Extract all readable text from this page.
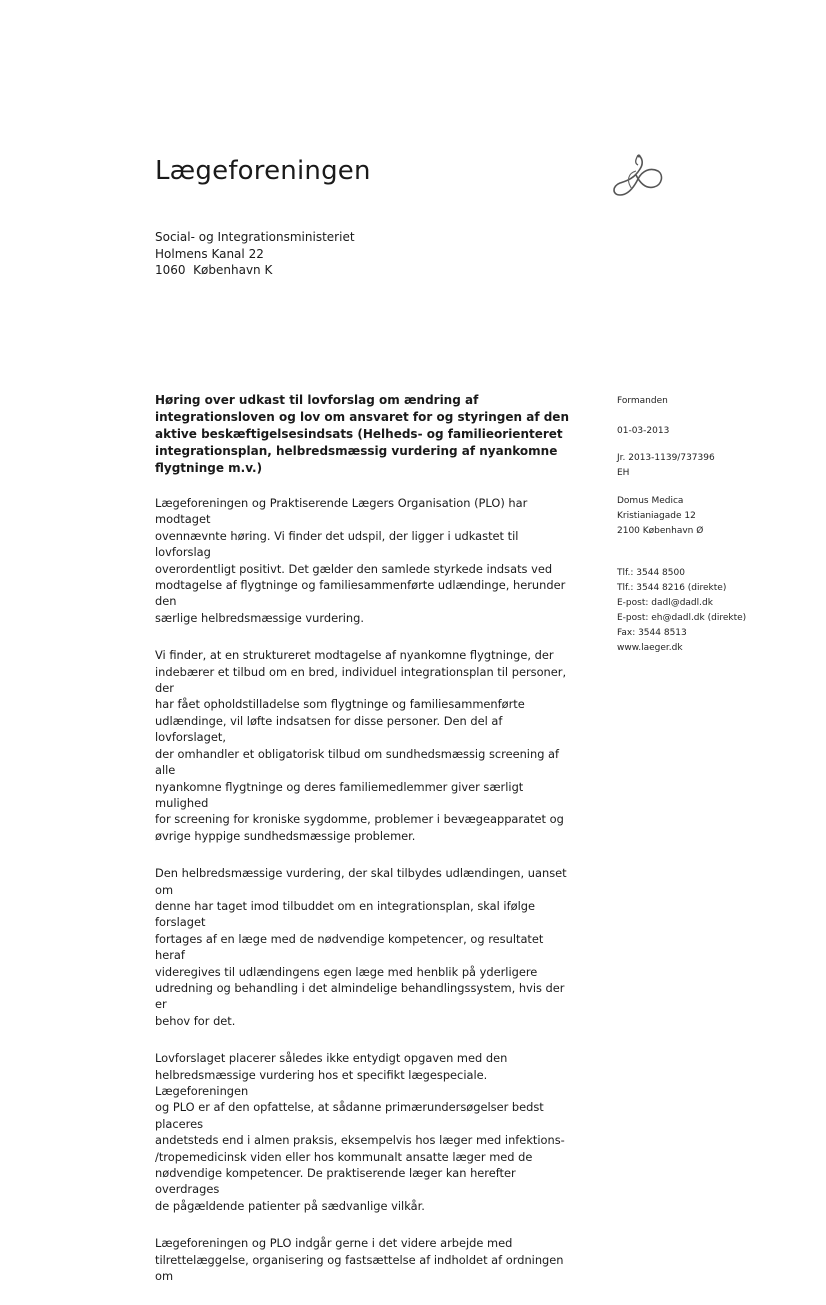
Lægeforeningen
Social- og Integrationsministeriet
Holmens Kanal 22
1060  København K
Høring over udkast til lovforslag om ændring af integrationsloven og lov om ansvaret for og styringen af den aktive beskæftigelsesindsats (Helheds- og familieorienteret integrationsplan, helbredsmæssig vurdering af nyankomne flygtninge m.v.)

Lægeforeningen og Praktiserende Lægers Organisation (PLO) har modtaget
ovennævnte høring. Vi finder det udspil, der ligger i udkastet til lovforslag
overordentligt positivt. Det gælder den samlede styrkede indsats ved
modtagelse af flygtninge og familiesammenførte udlændinge, herunder den
særlige helbredsmæssige vurdering.

Vi finder, at en struktureret modtagelse af nyankomne flygtninge, der
indebærer et tilbud om en bred, individuel integrationsplan til personer, der
har fået opholdstilladelse som flygtninge og familiesammenførte
udlændinge, vil løfte indsatsen for disse personer. Den del af lovforslaget,
der omhandler et obligatorisk tilbud om sundhedsmæssig screening af alle
nyankomne flygtninge og deres familiemedlemmer giver særligt mulighed
for screening for kroniske sygdomme, problemer i bevægeapparatet og
øvrige hyppige sundhedsmæssige problemer.

Den helbredsmæssige vurdering, der skal tilbydes udlændingen, uanset om
denne har taget imod tilbuddet om en integrationsplan, skal ifølge forslaget
fortages af en læge med de nødvendige kompetencer, og resultatet heraf
videregives til udlændingens egen læge med henblik på yderligere
udredning og behandling i det almindelige behandlingssystem, hvis der er
behov for det.

Lovforslaget placerer således ikke entydigt opgaven med den
helbredsmæssige vurdering hos et specifikt lægespeciale. Lægeforeningen
og PLO er af den opfattelse, at sådanne primærundersøgelser bedst placeres
andetsteds end i almen praksis, eksempelvis hos læger med infektions-
/tropemedicinsk viden eller hos kommunalt ansatte læger med de
nødvendige kompetencer. De praktiserende læger kan herefter overdrages
de pågældende patienter på sædvanlige vilkår.

Lægeforeningen og PLO indgår gerne i det videre arbejde med
tilrettelæggelse, organisering og fastsættelse af indholdet af ordningen om

Formanden
01-03-2013
Jr. 2013-1139/737396
EH
Domus Medica
Kristianiagade 12
2100 København Ø
Tlf.: 3544 8500
Tlf.: 3544 8216 (direkte)
E-post: dadl@dadl.dk
E-post: eh@dadl.dk (direkte)
Fax: 3544 8513
www.laeger.dk
